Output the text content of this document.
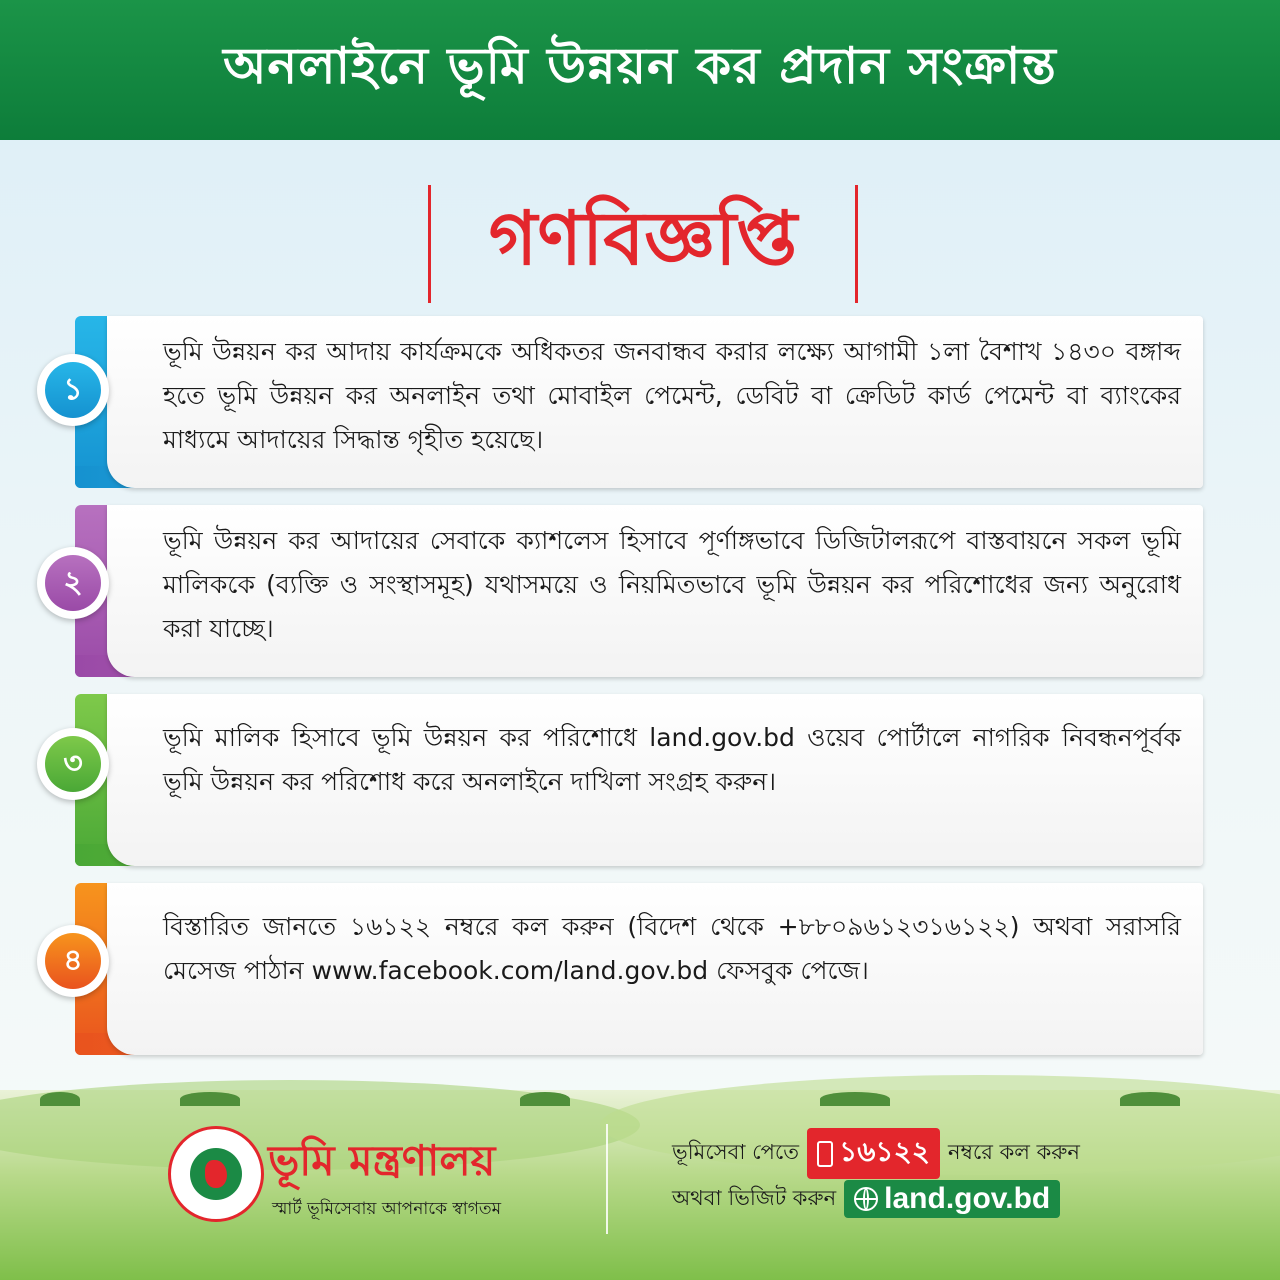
অনলাইনে ভূমি উন্নয়ন কর প্রদান সংক্রান্ত
গণবিজ্ঞপ্তি
ভূমি উন্নয়ন কর আদায় কার্যক্রমকে অধিকতর জনবান্ধব করার লক্ষ্যে আগামী ১লা বৈশাখ ১৪৩০ বঙ্গাব্দ হতে ভূমি উন্নয়ন কর অনলাইন তথা মোবাইল পেমেন্ট, ডেবিট বা ক্রেডিট কার্ড পেমেন্ট বা ব্যাংকের মাধ্যমে আদায়ের সিদ্ধান্ত গৃহীত হয়েছে।
১
ভূমি উন্নয়ন কর আদায়ের সেবাকে ক্যাশলেস হিসাবে পূর্ণাঙ্গভাবে ডিজিটালরূপে বাস্তবায়নে সকল ভূমি মালিককে (ব্যক্তি ও সংস্থাসমূহ) যথাসময়ে ও নিয়মিতভাবে ভূমি উন্নয়ন কর পরিশোধের জন্য অনুরোধ করা যাচ্ছে।
২
ভূমি মালিক হিসাবে ভূমি উন্নয়ন কর পরিশোধে land.gov.bd ওয়েব পোর্টালে নাগরিক নিবন্ধনপূর্বক ভূমি উন্নয়ন কর পরিশোধ করে অনলাইনে দাখিলা সংগ্রহ করুন।
৩
বিস্তারিত জানতে ১৬১২২ নম্বরে কল করুন (বিদেশ থেকে +৮৮০৯৬১২৩১৬১২২) অথবা সরাসরি মেসেজ পাঠান www.facebook.com/land.gov.bd ফেসবুক পেজে।
৪
ভূমি মন্ত্রণালয়
স্মার্ট ভূমিসেবায় আপনাকে স্বাগতম
ভূমিসেবা পেতে ১৬১২২ নম্বরে কল করুন
অথবা ভিজিট করুন land.gov.bd
